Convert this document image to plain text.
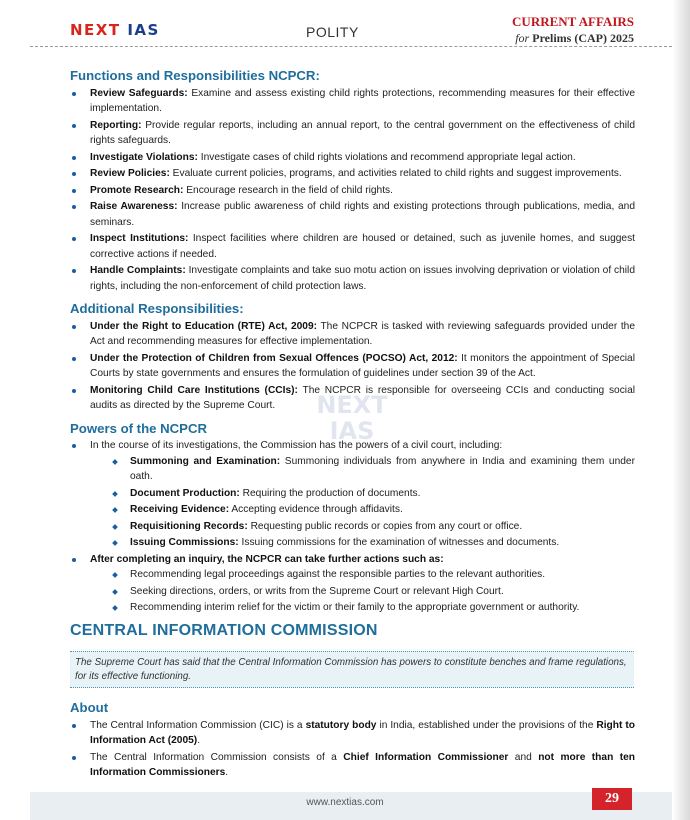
NEXT IAS	POLITY
CURRENT AFFAIRS
for Prelims (CAP) 2025
NEXT
IAS
Functions and Responsibilities NCPCR:
Review Safeguards: Examine and assess existing child rights protections, recommending measures for their effective implementation.
Reporting: Provide regular reports, including an annual report, to the central government on the effectiveness of child rights safeguards.
Investigate Violations: Investigate cases of child rights violations and recommend appropriate legal action.
Review Policies: Evaluate current policies, programs, and activities related to child rights and suggest improvements.
Promote Research: Encourage research in the field of child rights.
Raise Awareness: Increase public awareness of child rights and existing protections through publications, media, and seminars.
Inspect Institutions: Inspect facilities where children are housed or detained, such as juvenile homes, and suggest corrective actions if needed.
Handle Complaints: Investigate complaints and take suo motu action on issues involving deprivation or violation of child rights, including the non-enforcement of child protection laws.
Additional Responsibilities:
Under the Right to Education (RTE) Act, 2009: The NCPCR is tasked with reviewing safeguards provided under the Act and recommending measures for effective implementation.
Under the Protection of Children from Sexual Offences (POCSO) Act, 2012: It monitors the appointment of Special Courts by state governments and ensures the formulation of guidelines under section 39 of the Act.
Monitoring Child Care Institutions (CCIs): The NCPCR is responsible for overseeing CCIs and conducting social audits as directed by the Supreme Court.
Powers of the NCPCR
In the course of its investigations, the Commission has the powers of a civil court, including:
Summoning and Examination: Summoning individuals from anywhere in India and examining them under oath.
Document Production: Requiring the production of documents.
Receiving Evidence: Accepting evidence through affidavits.
Requisitioning Records: Requesting public records or copies from any court or office.
Issuing Commissions: Issuing commissions for the examination of witnesses and documents.
After completing an inquiry, the NCPCR can take further actions such as:
Recommending legal proceedings against the responsible parties to the relevant authorities.
Seeking directions, orders, or writs from the Supreme Court or relevant High Court.
Recommending interim relief for the victim or their family to the appropriate government or authority.
CENTRAL INFORMATION COMMISSION
The Supreme Court has said that the Central Information Commission has powers to constitute benches and frame regulations, for its effective functioning.
About
The Central Information Commission (CIC) is a statutory body in India, established under the provisions of the Right to Information Act (2005).
The Central Information Commission consists of a Chief Information Commissioner and not more than ten Information Commissioners.
www.nextias.com	29
